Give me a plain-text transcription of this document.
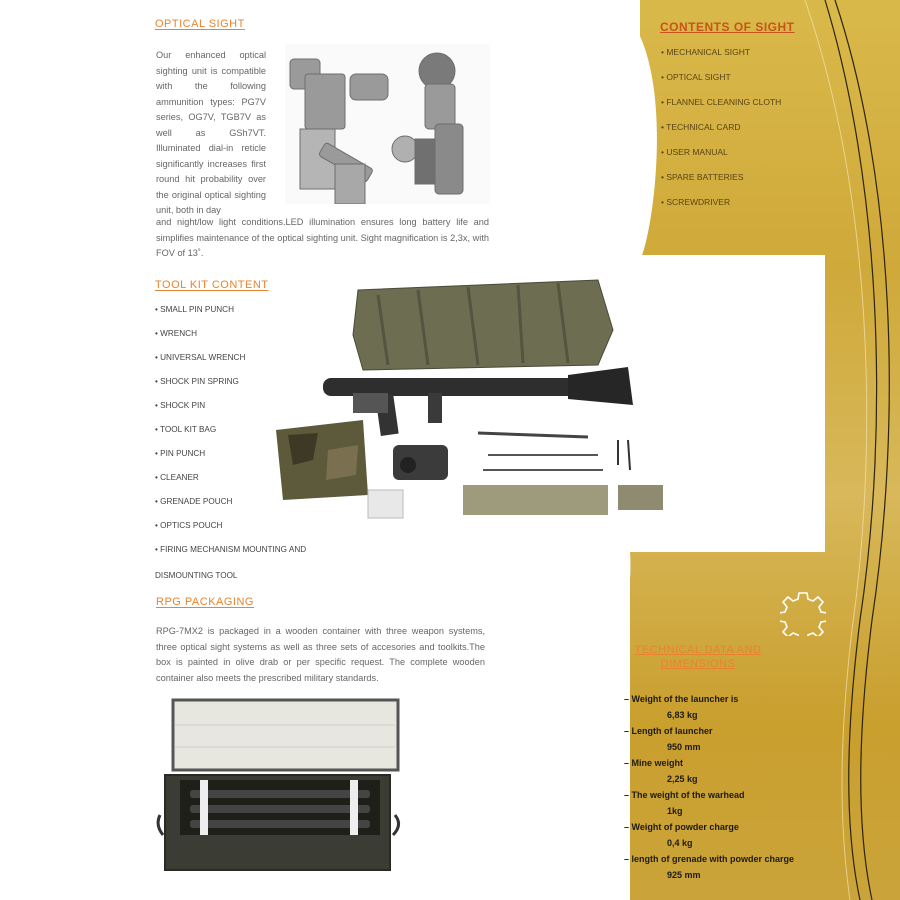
OPTICAL SIGHT
Our enhanced optical sighting unit is compatible with the following ammunition types: PG7V series, OG7V, TGB7V as well as GSh7VT. Illuminated dial-in reticle significantly increases first round hit probability over the original optical sighting unit, both in day
and night/low light conditions.LED illumination ensures long battery life and simplifies maintenance of the optical sighting unit. Sight magnification is 2,3x, with FOV of 13˚.
CONTENTS OF SIGHT
• MECHANICAL SIGHT
• OPTICAL SIGHT
• FLANNEL CLEANING CLOTH
• TECHNICAL CARD
• USER MANUAL
• SPARE BATTERIES
• SCREWDRIVER
TOOL KIT CONTENT
• SMALL PIN PUNCH
• WRENCH
• UNIVERSAL WRENCH
• SHOCK PIN SPRING
• SHOCK PIN
• TOOL KIT BAG
• PIN PUNCH
• CLEANER
• GRENADE POUCH
• OPTICS POUCH
• FIRING MECHANISM MOUNTING AND
DISMOUNTING TOOL
RPG PACKAGING
RPG-7MX2 is packaged in a wooden container with three weapon systems, three optical sight systems as well as three sets of accesories and toolkits.The box is painted in olive drab or per specific request. The complete wooden container also meets the prescribed military standards.
TECHNICAL DATA AND DIMENSIONS
– Weight of the launcher is
6,83 kg
– Length of launcher
950 mm
– Mine weight
2,25 kg
– The weight of the warhead
1kg
– Weight of powder charge
0,4 kg
– length of grenade with powder charge
925 mm
